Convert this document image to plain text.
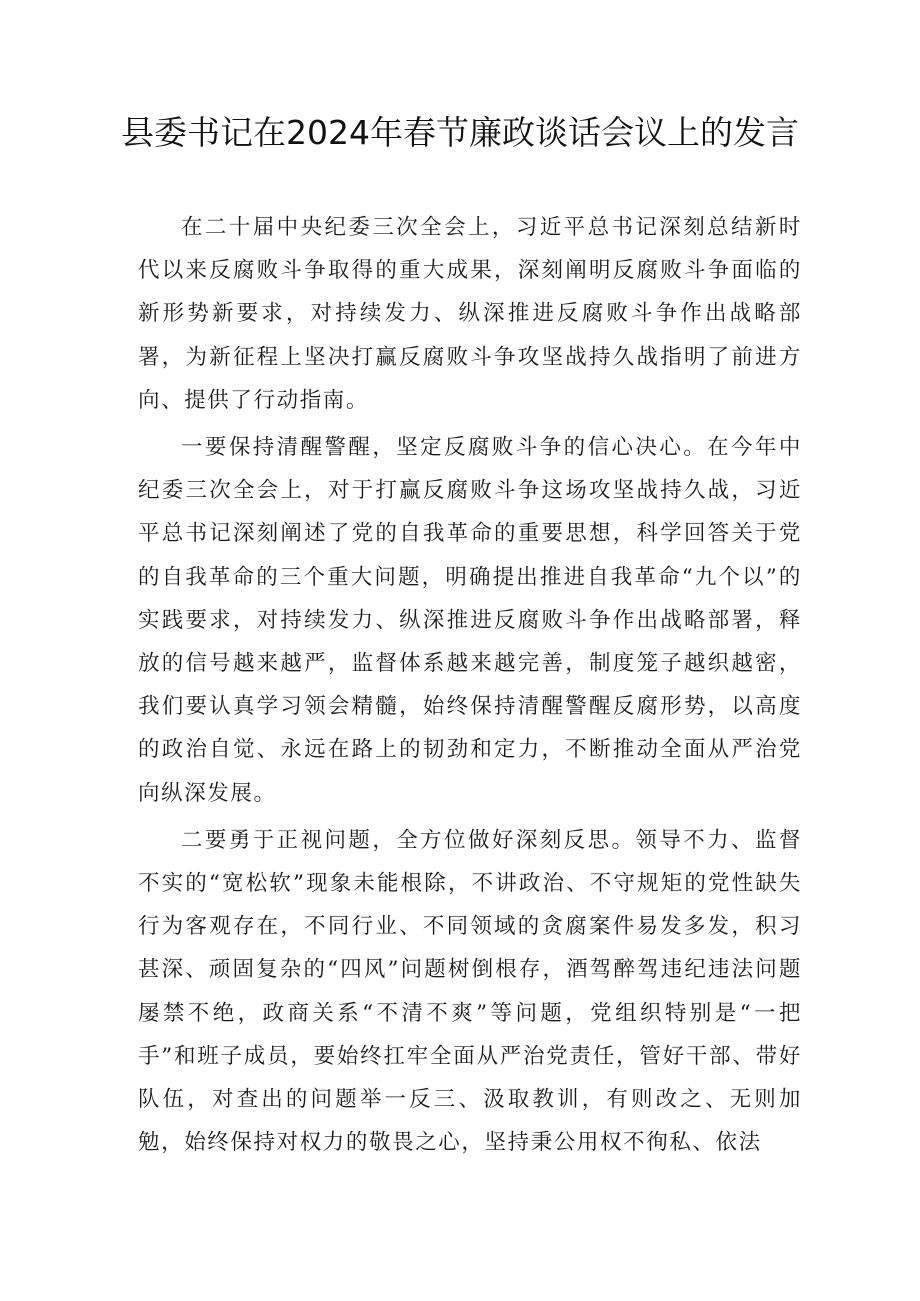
县委书记在2024年春节廉政谈话会议上的发言

在二十届中央纪委三次全会上，习近平总书记深刻总结新时代以来反腐败斗争取得的重大成果，深刻阐明反腐败斗争面临的新形势新要求，对持续发力、纵深推进反腐败斗争作出战略部署，为新征程上坚决打赢反腐败斗争攻坚战持久战指明了前进方向、提供了行动指南。

一要保持清醒警醒，坚定反腐败斗争的信心决心。在今年中纪委三次全会上，对于打赢反腐败斗争这场攻坚战持久战，习近平总书记深刻阐述了党的自我革命的重要思想，科学回答关于党的自我革命的三个重大问题，明确提出推进自我革命“九个以”的实践要求，对持续发力、纵深推进反腐败斗争作出战略部署，释放的信号越来越严，监督体系越来越完善，制度笼子越织越密，我们要认真学习领会精髓，始终保持清醒警醒反腐形势，以高度的政治自觉、永远在路上的韧劲和定力，不断推动全面从严治党向纵深发展。

二要勇于正视问题，全方位做好深刻反思。领导不力、监督不实的“宽松软”现象未能根除，不讲政治、不守规矩的党性缺失行为客观存在，不同行业、不同领域的贪腐案件易发多发，积习甚深、顽固复杂的“四风”问题树倒根存，酒驾醉驾违纪违法问题屡禁不绝，政商关系“不清不爽”等问题，党组织特别是“一把手”和班子成员，要始终扛牢全面从严治党责任，管好干部、带好队伍，对查出的问题举一反三、汲取教训，有则改之、无则加勉，始终保持对权力的敬畏之心，坚持秉公用权不徇私、依法
